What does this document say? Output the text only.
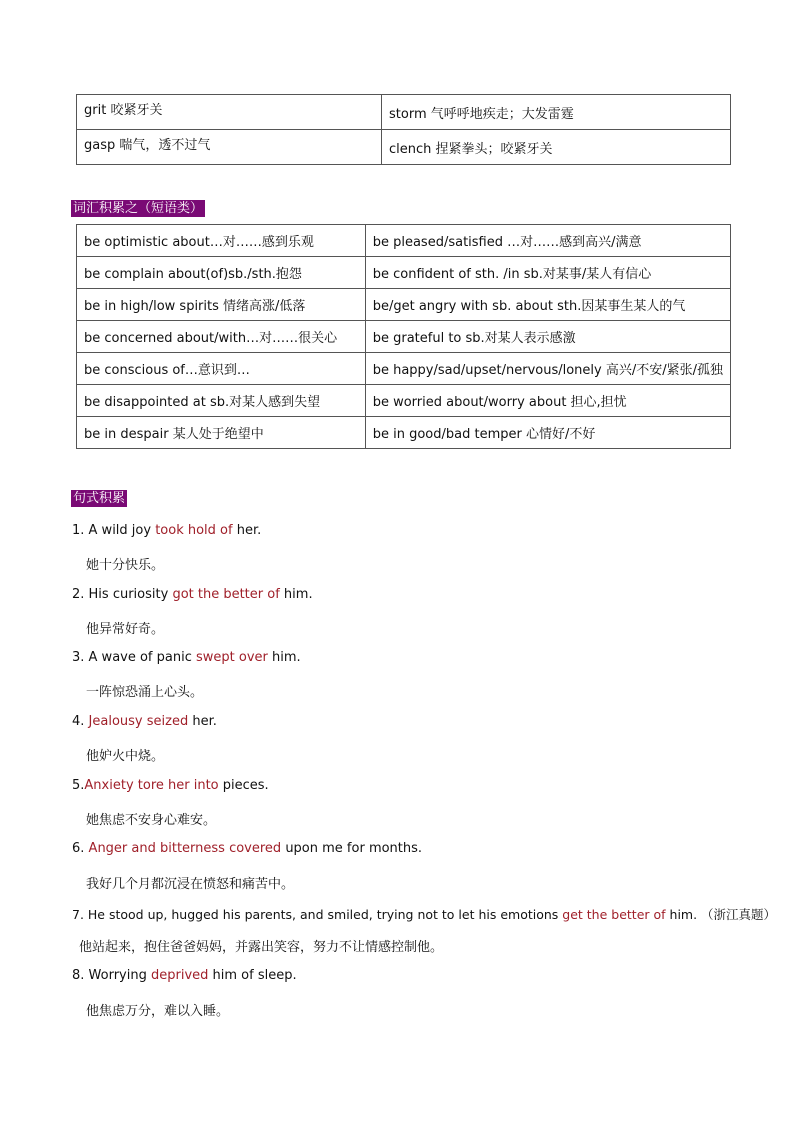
grit 咬紧牙关	storm 气呼呼地疾走；大发雷霆
gasp 喘气，透不过气	clench 捏紧拳头；咬紧牙关
词汇积累之（短语类）
be optimistic about…对……感到乐观	be pleased/satisfied …对……感到高兴/满意
be complain about(of)sb./sth.抱怨	be confident of sth. /in sb.对某事/某人有信心
be in high/low spirits 情绪高涨/低落	be/get angry with sb. about sth.因某事生某人的气
be concerned about/with…对……很关心	be grateful to sb.对某人表示感激
be conscious of…意识到…	be happy/sad/upset/nervous/lonely 高兴/不安/紧张/孤独
be disappointed at sb.对某人感到失望	be worried about/worry about 担心,担忧
be in despair 某人处于绝望中	be in good/bad temper 心情好/不好
句式积累
1. A wild joy took hold of her.
她十分快乐。
2. His curiosity got the better of him.
他异常好奇。
3. A wave of panic swept over him.
一阵惊恐涌上心头。
4. Jealousy seized her.
他妒火中烧。
5.Anxiety tore her into pieces.
她焦虑不安身心难安。
6. Anger and bitterness covered upon me for months.
我好几个月都沉浸在愤怒和痛苦中。
7. He stood up, hugged his parents, and smiled, trying not to let his emotions get the better of him. （浙江真题）
他站起来，抱住爸爸妈妈，并露出笑容，努力不让情感控制他。
8. Worrying deprived him of sleep.
他焦虑万分，难以入睡。
